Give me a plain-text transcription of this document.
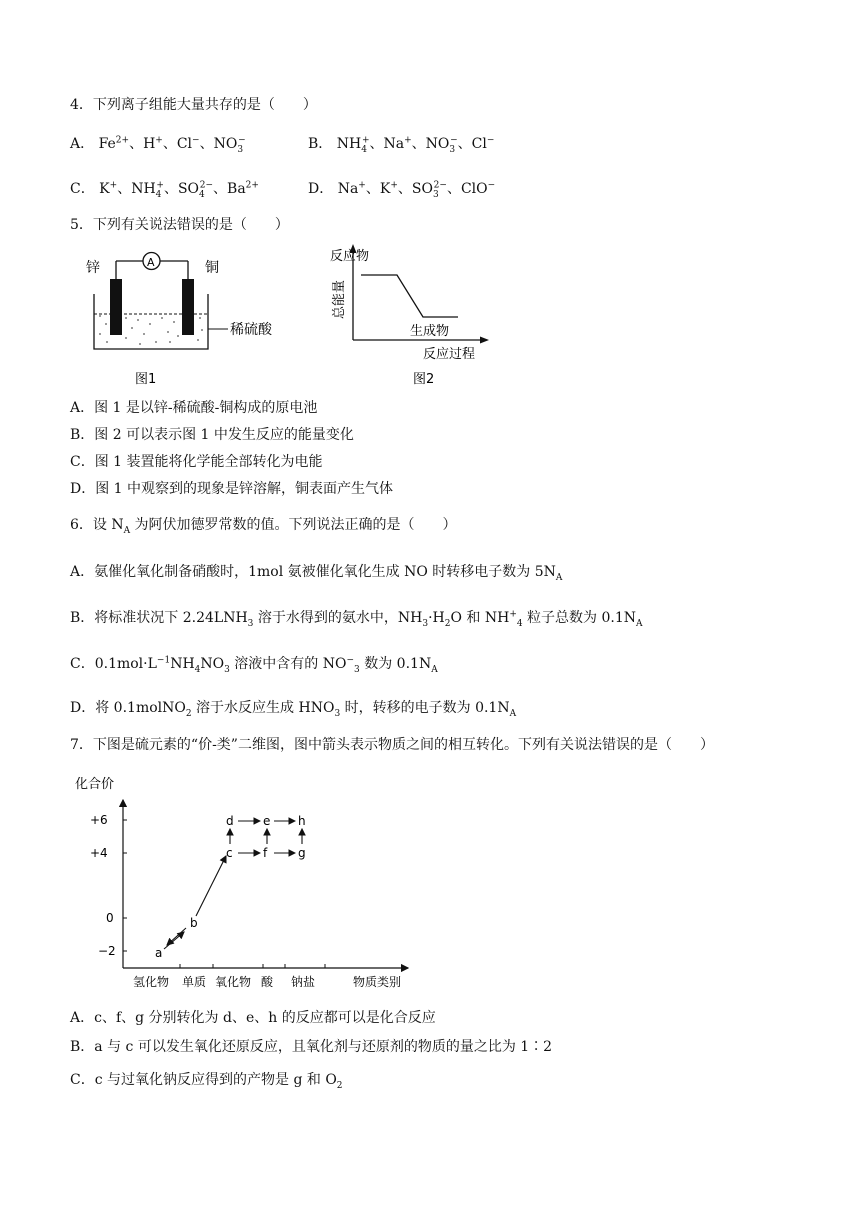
4．下列离子组能大量共存的是（　　）
A． $Fe^{2+}$、H+、Cl−、$NO_3^-$	B． $NH_4^+$、Na+、$NO_3^-$、Cl−
C． K+、$NH_4^+$、$SO_4^{2-}$、$Ba^{2+}$	D． Na+、K+、$SO_3^{2-}$、ClO−
5．下列有关说法错误的是（　　）
锌	铜
A
稀硫酸
图1
总能量
反应物
生成物
反应过程
图2
A．图 1 是以锌-稀硫酸-铜构成的原电池
B．图 2 可以表示图 1 中发生反应的能量变化
C．图 1 装置能将化学能全部转化为电能
D．图 1 中观察到的现象是锌溶解，铜表面产生气体
6．设 $N_A$ 为阿伏加德罗常数的值。下列说法正确的是（　　）
A．氨催化氧化制备硝酸时，1mol 氨被催化氧化生成 NO 时转移电子数为 $5N_A$
B．将标准状况下 $2.24LNH_3$ 溶于水得到的氨水中，$NH_3\cdot H_2O$ 和 $NH^+_4$ 粒子总数为 $0.1N_A$
C．$0.1mol\cdot L^{-1}NH_4NO_3$ 溶液中含有的 $NO^-_3$ 数为 $0.1N_A$
D．将 0.1molNO$_2$ 溶于水反应生成 $HNO_3$ 时，转移的电子数为 $0.1N_A$
7．下图是硫元素的“价-类”二维图，图中箭头表示物质之间的相互转化。下列有关说法错误的是（　　）
化合价
+6
+4
0
−2
氢化物 单质 氧化物 酸 钠盐	物质类别
a
b
c
d e
f	g
h
A．c、f、g 分别转化为 d、e、h 的反应都可以是化合反应
B．a 与 c 可以发生氧化还原反应，且氧化剂与还原剂的物质的量之比为 1∶2
C．c 与过氧化钠反应得到的产物是 g 和 $O_2$
